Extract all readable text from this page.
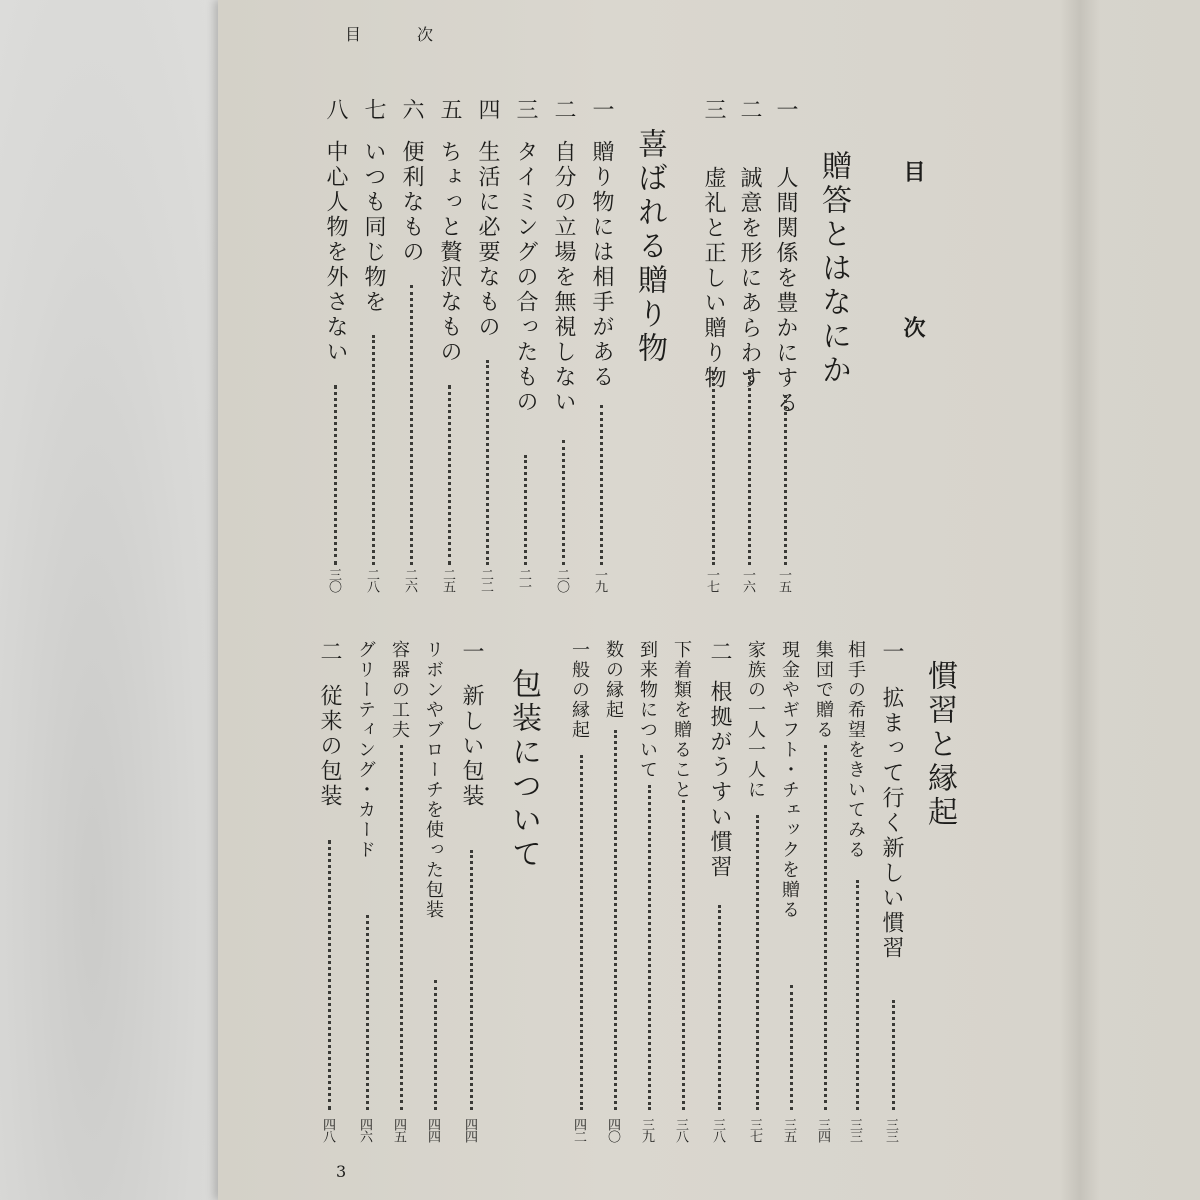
目　　　次
目　　次
贈答とはなにか
一
人間関係を豊かにする
一五
二
誠意を形にあらわす
一六
三
虚礼と正しい贈り物
一七
喜ばれる贈り物
一
贈り物には相手がある
一九
二
自分の立場を無視しない
二〇
三
タイミングの合ったもの
二一
四
生活に必要なもの
二二
五
ちょっと贅沢なもの
二五
六
便利なもの
二六
七
いつも同じ物を
二八
八
中心人物を外さない
三〇
慣習と縁起
一
拡まって行く新しい慣習
三三
相手の希望をきいてみる
三三
集団で贈る
三四
現金やギフト・チェックを贈る
三五
家族の一人一人に
三七
二
根拠がうすい慣習
三八
下着類を贈ること
三八
到来物について
三九
数の縁起
四〇
一般の縁起
四二
包装について
一
新しい包装
四四
リボンやブローチを使った包装
四四
容器の工夫
四五
グリーティング・カード
四六
二
従来の包装
四八
3
